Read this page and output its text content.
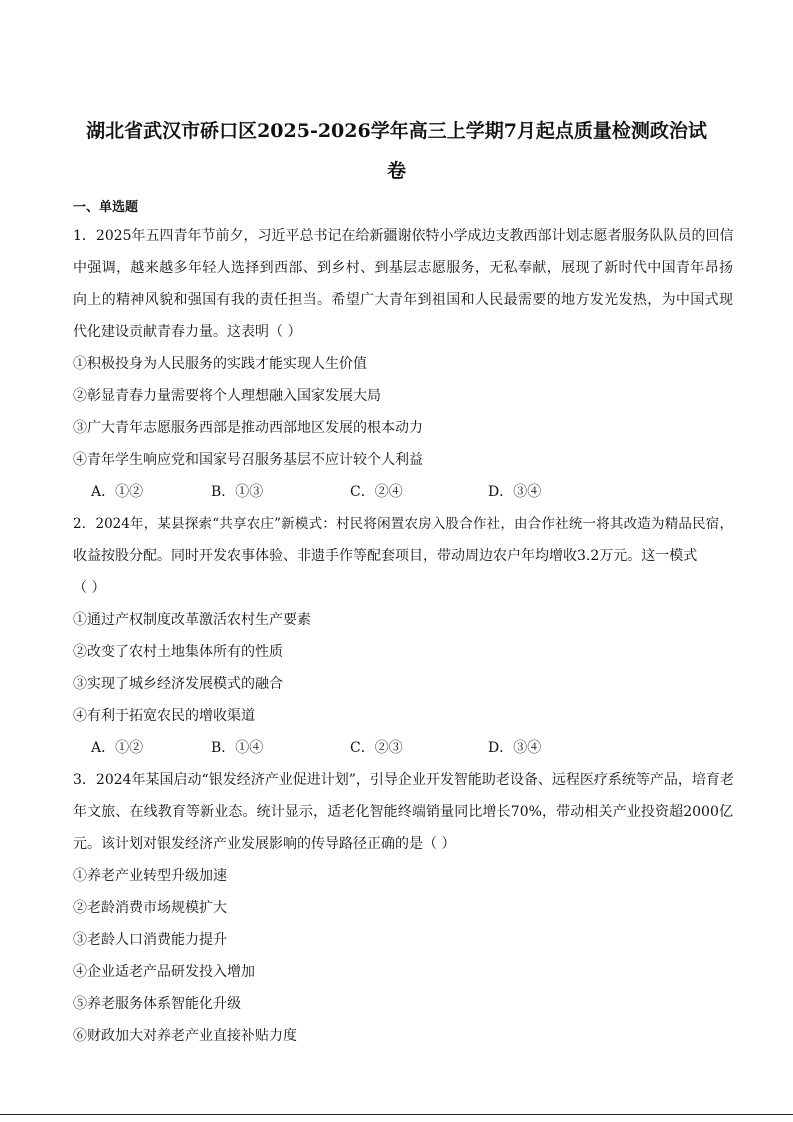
湖北省武汉市硚口区2025-2026学年高三上学期7月起点质量检测政治试
卷
一、单选题
1．2025年五四青年节前夕，习近平总书记在给新疆谢依特小学成边支教西部计划志愿者服务队队员的回信
中强调，越来越多年轻人选择到西部、到乡村、到基层志愿服务，无私奉献，展现了新时代中国青年昂扬
向上的精神风貌和强国有我的责任担当。希望广大青年到祖国和人民最需要的地方发光发热，为中国式现
代化建设贡献青春力量。这表明（ ）
①积极投身为人民服务的实践才能实现人生价值
②彰显青春力量需要将个人理想融入国家发展大局
③广大青年志愿服务西部是推动西部地区发展的根本动力
④青年学生响应党和国家号召服务基层不应计较个人利益
A．①②	B．①③	C．②④	D．③④
2．2024年，某县探索“共享农庄”新模式：村民将闲置农房入股合作社，由合作社统一将其改造为精品民宿，
收益按股分配。同时开发农事体验、非遗手作等配套项目，带动周边农户年均增收3.2万元。这一模式
（ ）
①通过产权制度改革激活农村生产要素
②改变了农村土地集体所有的性质
③实现了城乡经济发展模式的融合
④有利于拓宽农民的增收渠道
A．①②	B．①④	C．②③	D．③④
3．2024年某国启动“银发经济产业促进计划”，引导企业开发智能助老设备、远程医疗系统等产品，培育老
年文旅、在线教育等新业态。统计显示，适老化智能终端销量同比增长70%，带动相关产业投资超2000亿
元。该计划对银发经济产业发展影响的传导路径正确的是（ ）
①养老产业转型升级加速
②老龄消费市场规模扩大
③老龄人口消费能力提升
④企业适老产品研发投入增加
⑤养老服务体系智能化升级
⑥财政加大对养老产业直接补贴力度
